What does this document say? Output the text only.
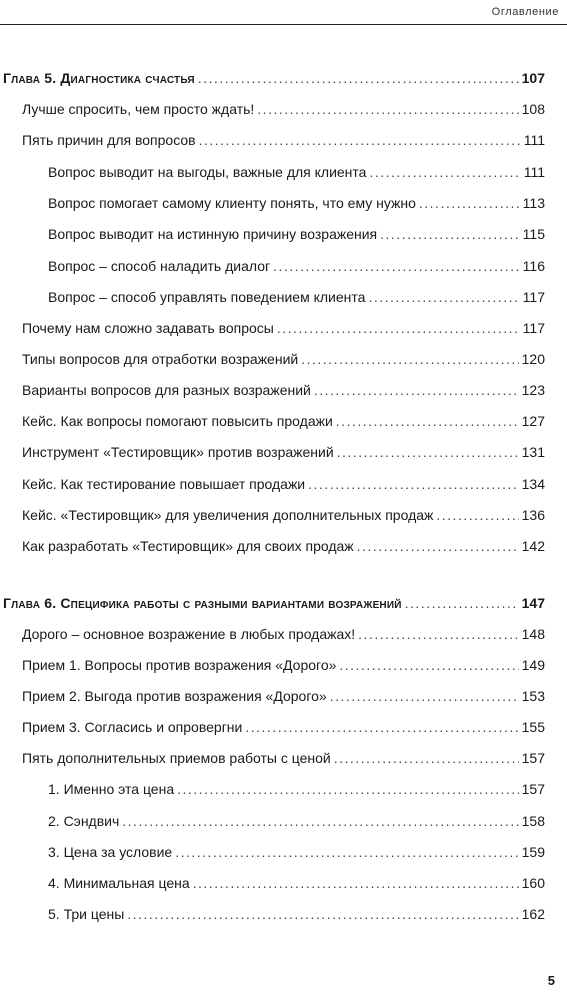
Оглавление
Глава 5. Диагностика счастья .....	107
Лучше спросить, чем просто ждать! .....	108
Пять причин для вопросов .....	111
Вопрос выводит на выгоды, важные для клиента .....	111
Вопрос помогает самому клиенту понять, что ему нужно .....	113
Вопрос выводит на истинную причину возражения .....	115
Вопрос – способ наладить диалог .....	116
Вопрос – способ управлять поведением клиента .....	117
Почему нам сложно задавать вопросы .....	117
Типы вопросов для отработки возражений .....	120
Варианты вопросов для разных возражений .....	123
Кейс. Как вопросы помогают повысить продажи .....	127
Инструмент «Тестировщик» против возражений .....	131
Кейс. Как тестирование повышает продажи .....	134
Кейс. «Тестировщик» для увеличения дополнительных продаж .....	136
Как разработать «Тестировщик» для своих продаж .....	142
Глава 6. Специфика работы с разными вариантами возражений .....	147
Дорого – основное возражение в любых продажах! .....	148
Прием 1. Вопросы против возражения «Дорого» .....	149
Прием 2. Выгода против возражения «Дорого» .....	153
Прием 3. Согласись и опровергни .....	155
Пять дополнительных приемов работы с ценой .....	157
1. Именно эта цена .....	157
2. Сэндвич .....	158
3. Цена за условие .....	159
4. Минимальная цена .....	160
5. Три цены .....	162
5
